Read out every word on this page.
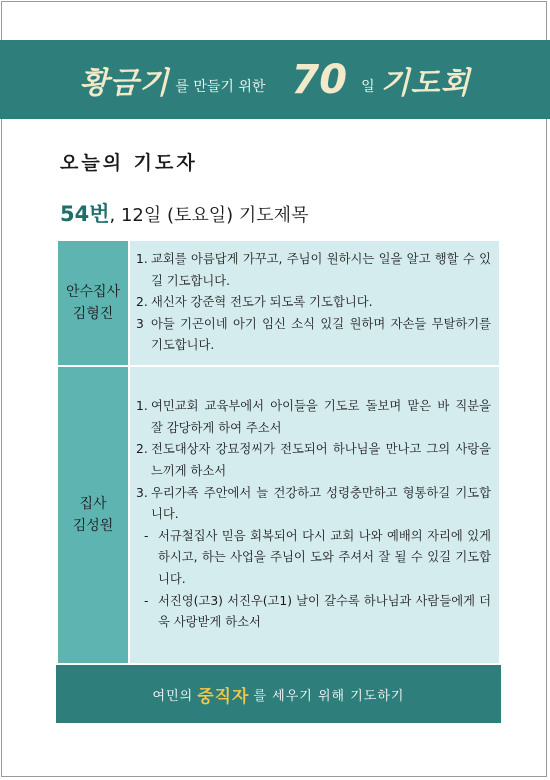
황금기 를 만들기 위한 70 일 기도회
오늘의 기도자
54번, 12일 (토요일) 기도제목
안수집사
김형진
1. 교회를 아름답게 가꾸고, 주님이 원하시는 일을 알고 행할 수 있길 기도합니다.
2. 새신자 강준혁 전도가 되도록 기도합니다.
3 아들 기곤이네 아기 임신 소식 있길 원하며 자손들 무탈하기를 기도합니다.
집사
김성원
1. 여민교회 교육부에서 아이들을 기도로 돌보며 맡은 바 직분을 잘 감당하게 하여 주소서
2. 전도대상자 강묘정씨가 전도되어 하나님을 만나고 그의 사랑을 느끼게 하소서
3. 우리가족 주안에서 늘 건강하고 성령충만하고 형통하길 기도합니다.
- 서규철집사 믿음 회복되어 다시 교회 나와 예배의 자리에 있게 하시고, 하는 사업을 주님이 도와 주셔서 잘 될 수 있길 기도합니다.
- 서진영(고3) 서진우(고1) 날이 갈수록 하나님과 사람들에게 더욱 사랑받게 하소서
여민의 중직자 를 세우기 위해 기도하기
